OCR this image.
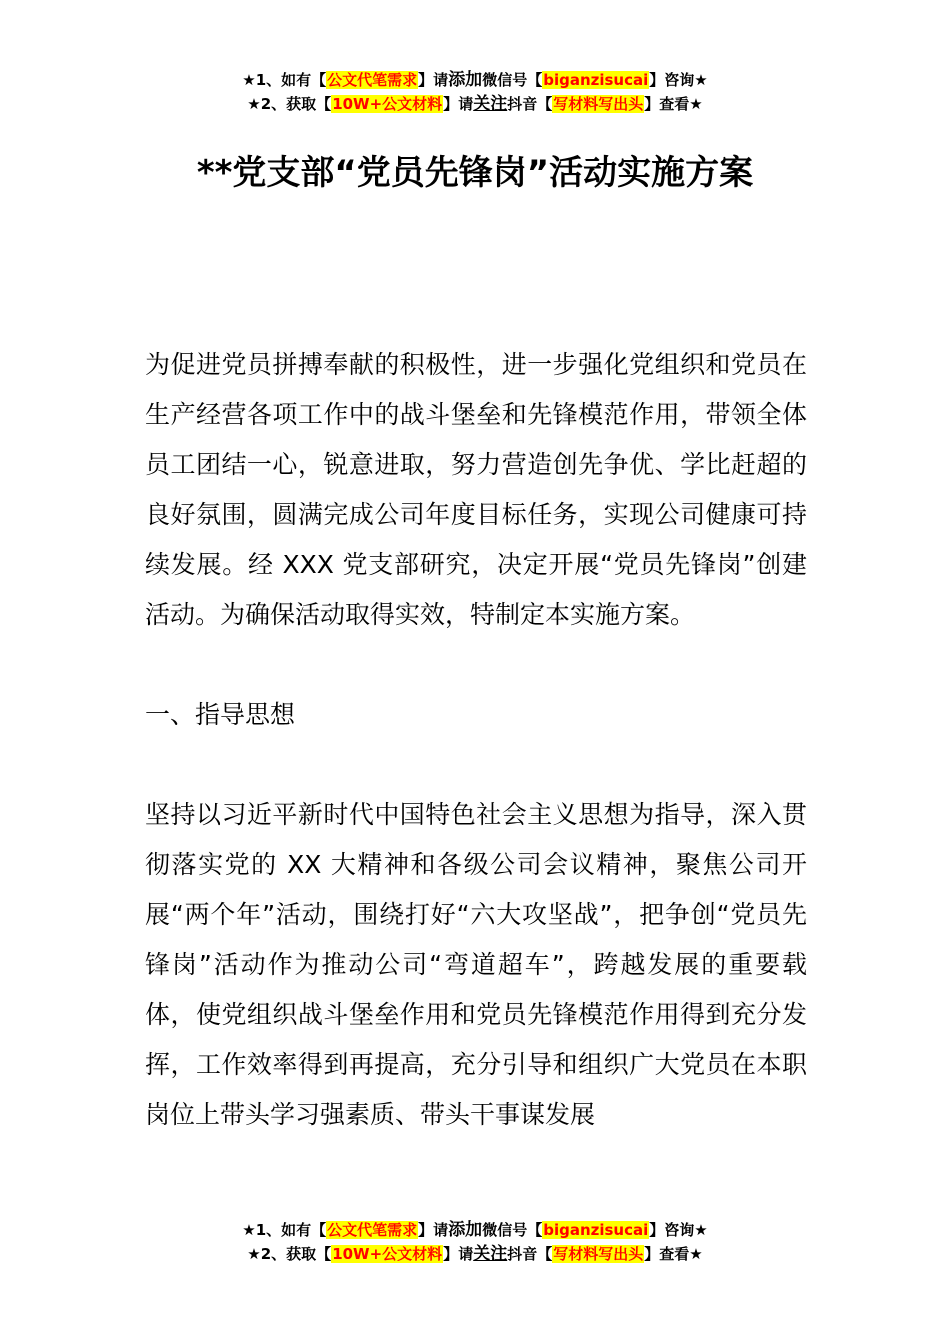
★1、如有【公文代笔需求】请添加微信号【biganzisucai】咨询★
★2、获取【10W+公文材料】请关注抖音【写材料写出头】查看★
**党支部“党员先锋岗”活动实施方案

为促进党员拼搏奉献的积极性，进一步强化党组织和党员在生产经营各项工作中的战斗堡垒和先锋模范作用，带领全体员工团结一心，锐意进取，努力营造创先争优、学比赶超的良好氛围，圆满完成公司年度目标任务，实现公司健康可持续发展。经 XXX 党支部研究，决定开展“党员先锋岗”创建活动。为确保活动取得实效，特制定本实施方案。

一、指导思想

坚持以习近平新时代中国特色社会主义思想为指导，深入贯彻落实党的 XX 大精神和各级公司会议精神，聚焦公司开展“两个年”活动，围绕打好“六大攻坚战”，把争创“党员先锋岗”活动作为推动公司“弯道超车”，跨越发展的重要载体，使党组织战斗堡垒作用和党员先锋模范作用得到充分发挥，工作效率得到再提高，充分引导和组织广大党员在本职岗位上带头学习强素质、带头干事谋发展

★1、如有【公文代笔需求】请添加微信号【biganzisucai】咨询★
★2、获取【10W+公文材料】请关注抖音【写材料写出头】查看★
